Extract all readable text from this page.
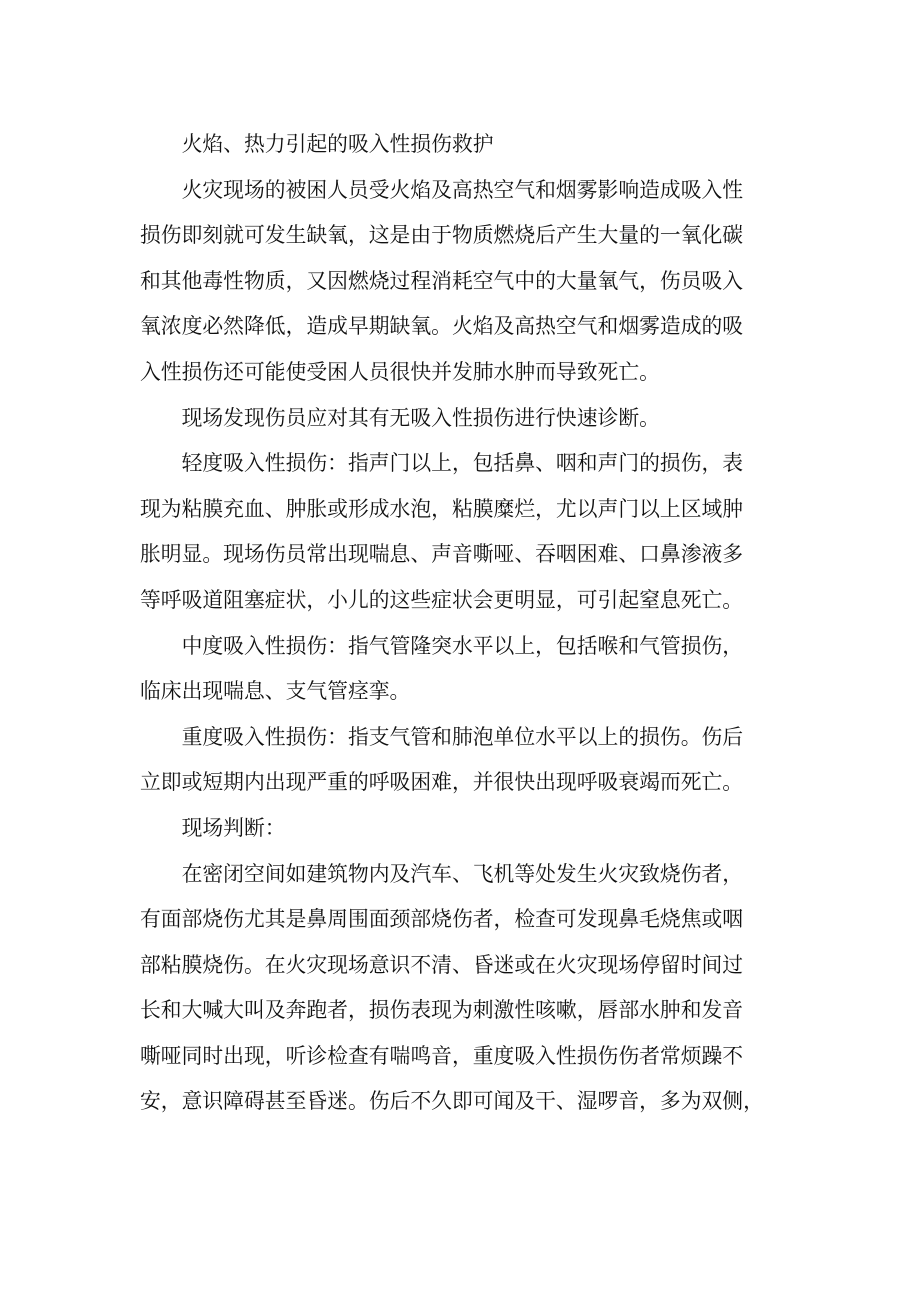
火焰、热力引起的吸入性损伤救护
火灾现场的被困人员受火焰及高热空气和烟雾影响造成吸入性
损伤即刻就可发生缺氧，这是由于物质燃烧后产生大量的一氧化碳
和其他毒性物质，又因燃烧过程消耗空气中的大量氧气，伤员吸入
氧浓度必然降低，造成早期缺氧。火焰及高热空气和烟雾造成的吸
入性损伤还可能使受困人员很快并发肺水肿而导致死亡。
现场发现伤员应对其有无吸入性损伤进行快速诊断。
轻度吸入性损伤：指声门以上，包括鼻、咽和声门的损伤，表
现为粘膜充血、肿胀或形成水泡，粘膜糜烂，尤以声门以上区域肿
胀明显。现场伤员常出现喘息、声音嘶哑、吞咽困难、口鼻渗液多
等呼吸道阻塞症状，小儿的这些症状会更明显，可引起窒息死亡。
中度吸入性损伤：指气管隆突水平以上，包括喉和气管损伤，
临床出现喘息、支气管痉挛。
重度吸入性损伤：指支气管和肺泡单位水平以上的损伤。伤后
立即或短期内出现严重的呼吸困难，并很快出现呼吸衰竭而死亡。
现场判断：
在密闭空间如建筑物内及汽车、飞机等处发生火灾致烧伤者，
有面部烧伤尤其是鼻周围面颈部烧伤者，检查可发现鼻毛烧焦或咽
部粘膜烧伤。在火灾现场意识不清、昏迷或在火灾现场停留时间过
长和大喊大叫及奔跑者，损伤表现为刺激性咳嗽，唇部水肿和发音
嘶哑同时出现，听诊检查有喘鸣音，重度吸入性损伤伤者常烦躁不
安，意识障碍甚至昏迷。伤后不久即可闻及干、湿啰音，多为双侧，
